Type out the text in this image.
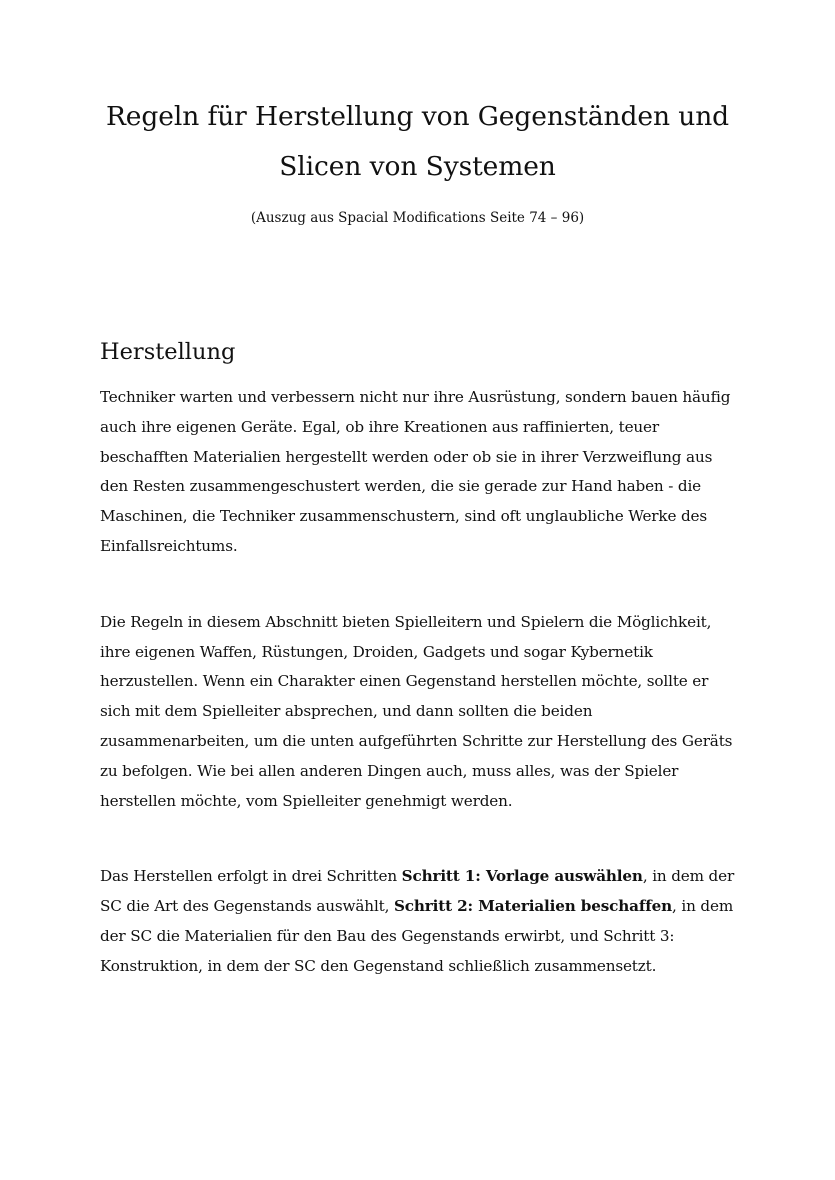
Regeln für Herstellung von Gegenständen und Slicen von Systemen

(Auszug aus Spacial Modifications Seite 74 – 96)

Herstellung

Techniker warten und verbessern nicht nur ihre Ausrüstung, sondern bauen häufig auch ihre eigenen Geräte. Egal, ob ihre Kreationen aus raffinierten, teuer beschafften Materialien hergestellt werden oder ob sie in ihrer Verzweiflung aus den Resten zusammengeschustert werden, die sie gerade zur Hand haben - die Maschinen, die Techniker zusammenschustern, sind oft unglaubliche Werke des Einfallsreichtums.

Die Regeln in diesem Abschnitt bieten Spielleitern und Spielern die Möglichkeit, ihre eigenen Waffen, Rüstungen, Droiden, Gadgets und sogar Kybernetik herzustellen. Wenn ein Charakter einen Gegenstand herstellen möchte, sollte er sich mit dem Spielleiter absprechen, und dann sollten die beiden zusammenarbeiten, um die unten aufgeführten Schritte zur Herstellung des Geräts zu befolgen. Wie bei allen anderen Dingen auch, muss alles, was der Spieler herstellen möchte, vom Spielleiter genehmigt werden.

Das Herstellen erfolgt in drei Schritten Schritt 1: Vorlage auswählen, in dem der SC die Art des Gegenstands auswählt, Schritt 2: Materialien beschaffen, in dem der SC die Materialien für den Bau des Gegenstands erwirbt, und Schritt 3: Konstruktion, in dem der SC den Gegenstand schließlich zusammensetzt.
